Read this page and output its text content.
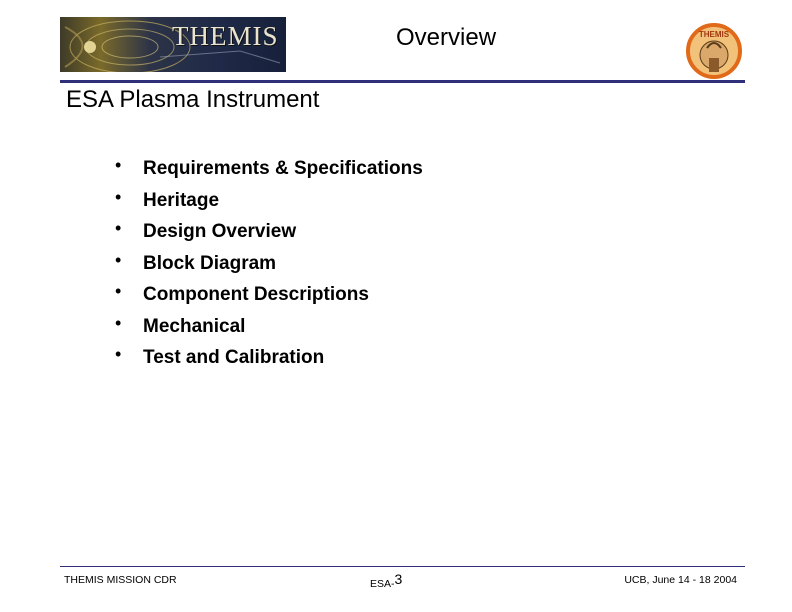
THEMIS	Overview	THEMIS
ESA Plasma Instrument
• Requirements & Specifications
• Heritage
• Design Overview
• Block Diagram
• Component Descriptions
• Mechanical
• Test and Calibration
THEMIS MISSION CDR	ESA-3	UCB, June 14 - 18 2004
